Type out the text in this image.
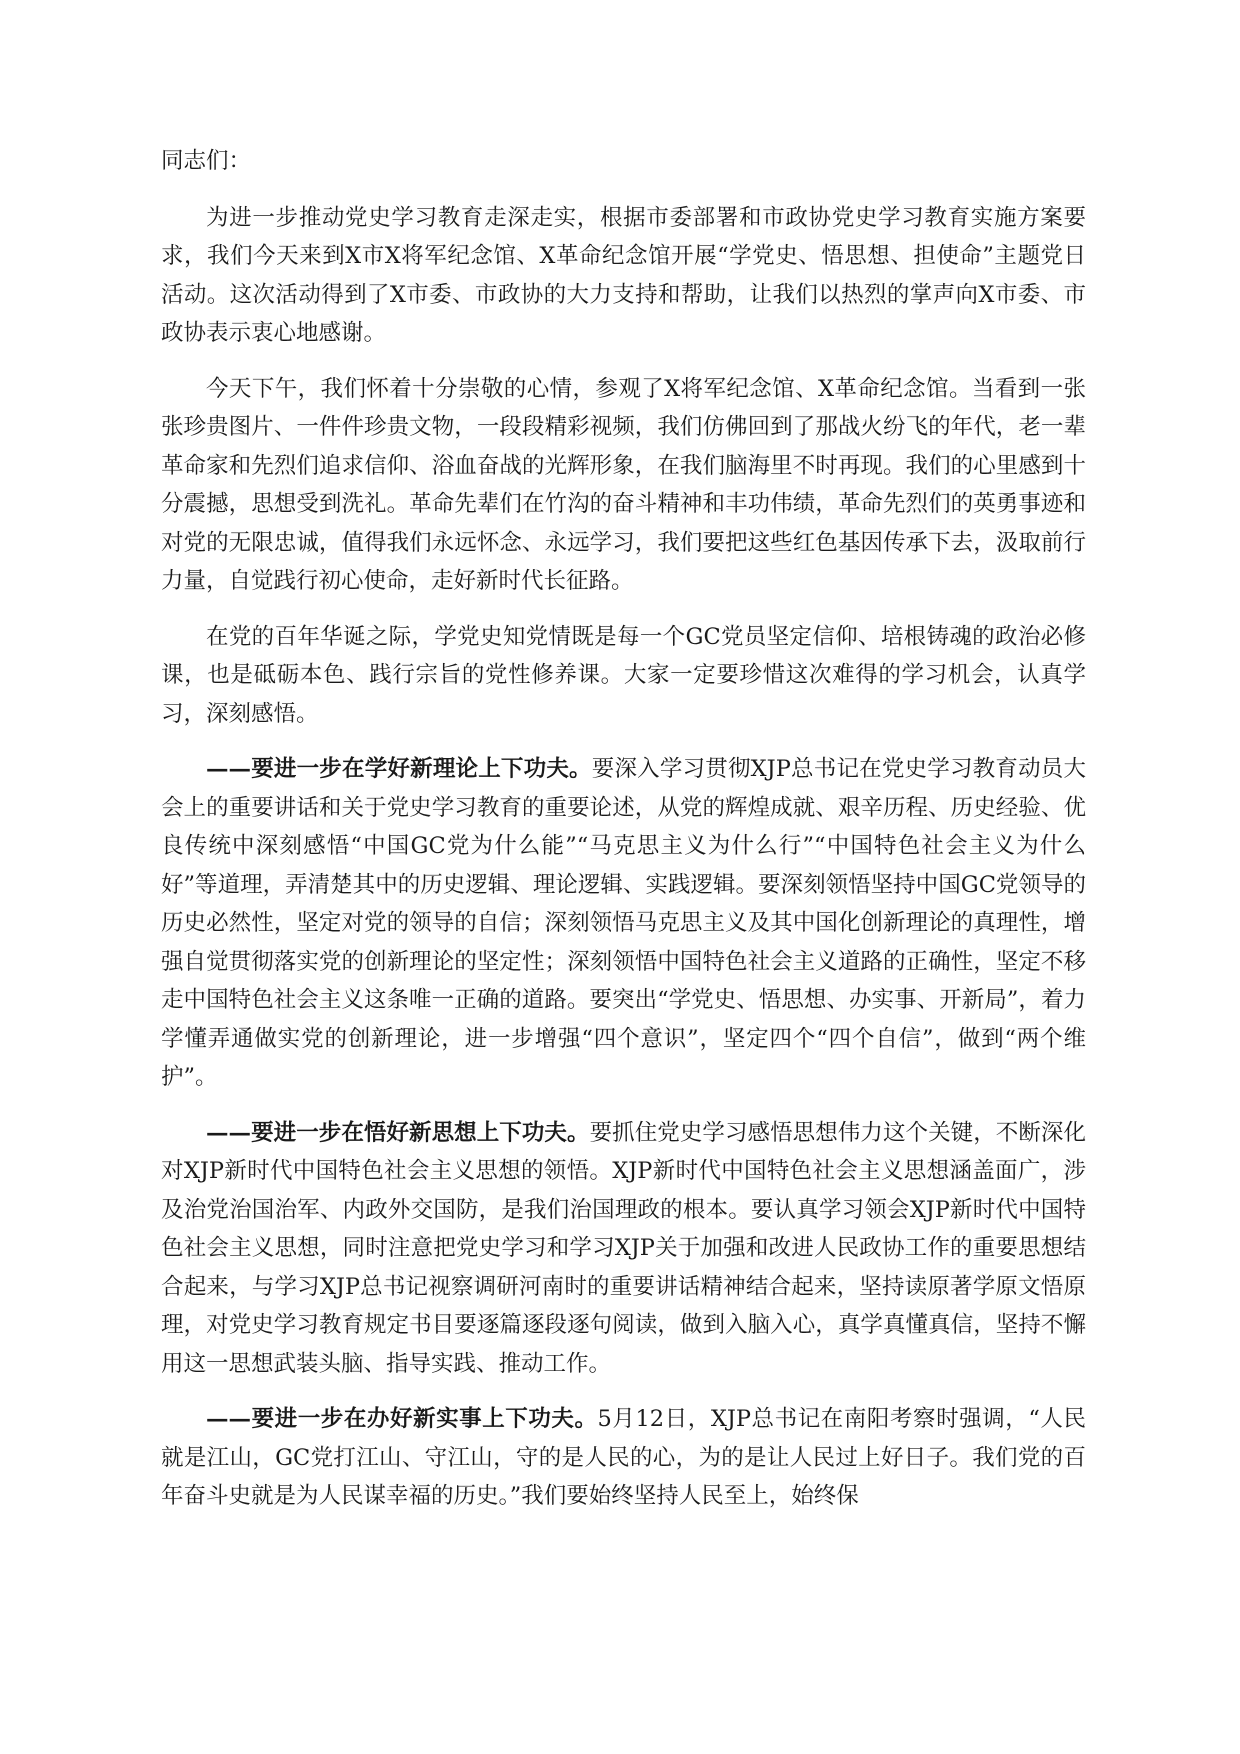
同志们：

为进一步推动党史学习教育走深走实，根据市委部署和市政协党史学习教育实施方案要求，我们今天来到X市X将军纪念馆、X革命纪念馆开展“学党史、悟思想、担使命”主题党日活动。这次活动得到了X市委、市政协的大力支持和帮助，让我们以热烈的掌声向X市委、市政协表示衷心地感谢。

今天下午，我们怀着十分崇敬的心情，参观了X将军纪念馆、X革命纪念馆。当看到一张张珍贵图片、一件件珍贵文物，一段段精彩视频，我们仿佛回到了那战火纷飞的年代，老一辈革命家和先烈们追求信仰、浴血奋战的光辉形象，在我们脑海里不时再现。我们的心里感到十分震撼，思想受到洗礼。革命先辈们在竹沟的奋斗精神和丰功伟绩，革命先烈们的英勇事迹和对党的无限忠诚，值得我们永远怀念、永远学习，我们要把这些红色基因传承下去，汲取前行力量，自觉践行初心使命，走好新时代长征路。

在党的百年华诞之际，学党史知党情既是每一个GC党员坚定信仰、培根铸魂的政治必修课，也是砥砺本色、践行宗旨的党性修养课。大家一定要珍惜这次难得的学习机会，认真学习，深刻感悟。

——要进一步在学好新理论上下功夫。要深入学习贯彻XJP总书记在党史学习教育动员大会上的重要讲话和关于党史学习教育的重要论述，从党的辉煌成就、艰辛历程、历史经验、优良传统中深刻感悟“中国GC党为什么能”“马克思主义为什么行”“中国特色社会主义为什么好”等道理，弄清楚其中的历史逻辑、理论逻辑、实践逻辑。要深刻领悟坚持中国GC党领导的历史必然性，坚定对党的领导的自信；深刻领悟马克思主义及其中国化创新理论的真理性，增强自觉贯彻落实党的创新理论的坚定性；深刻领悟中国特色社会主义道路的正确性，坚定不移走中国特色社会主义这条唯一正确的道路。要突出“学党史、悟思想、办实事、开新局”，着力学懂弄通做实党的创新理论，进一步增强“四个意识”，坚定四个“四个自信”，做到“两个维护”。

——要进一步在悟好新思想上下功夫。要抓住党史学习感悟思想伟力这个关键，不断深化对XJP新时代中国特色社会主义思想的领悟。XJP新时代中国特色社会主义思想涵盖面广，涉及治党治国治军、内政外交国防，是我们治国理政的根本。要认真学习领会XJP新时代中国特色社会主义思想，同时注意把党史学习和学习XJP关于加强和改进人民政协工作的重要思想结合起来，与学习XJP总书记视察调研河南时的重要讲话精神结合起来，坚持读原著学原文悟原理，对党史学习教育规定书目要逐篇逐段逐句阅读，做到入脑入心，真学真懂真信，坚持不懈用这一思想武装头脑、指导实践、推动工作。

——要进一步在办好新实事上下功夫。5月12日，XJP总书记在南阳考察时强调，“人民就是江山，GC党打江山、守江山，守的是人民的心，为的是让人民过上好日子。我们党的百年奋斗史就是为人民谋幸福的历史。”我们要始终坚持人民至上，始终保
